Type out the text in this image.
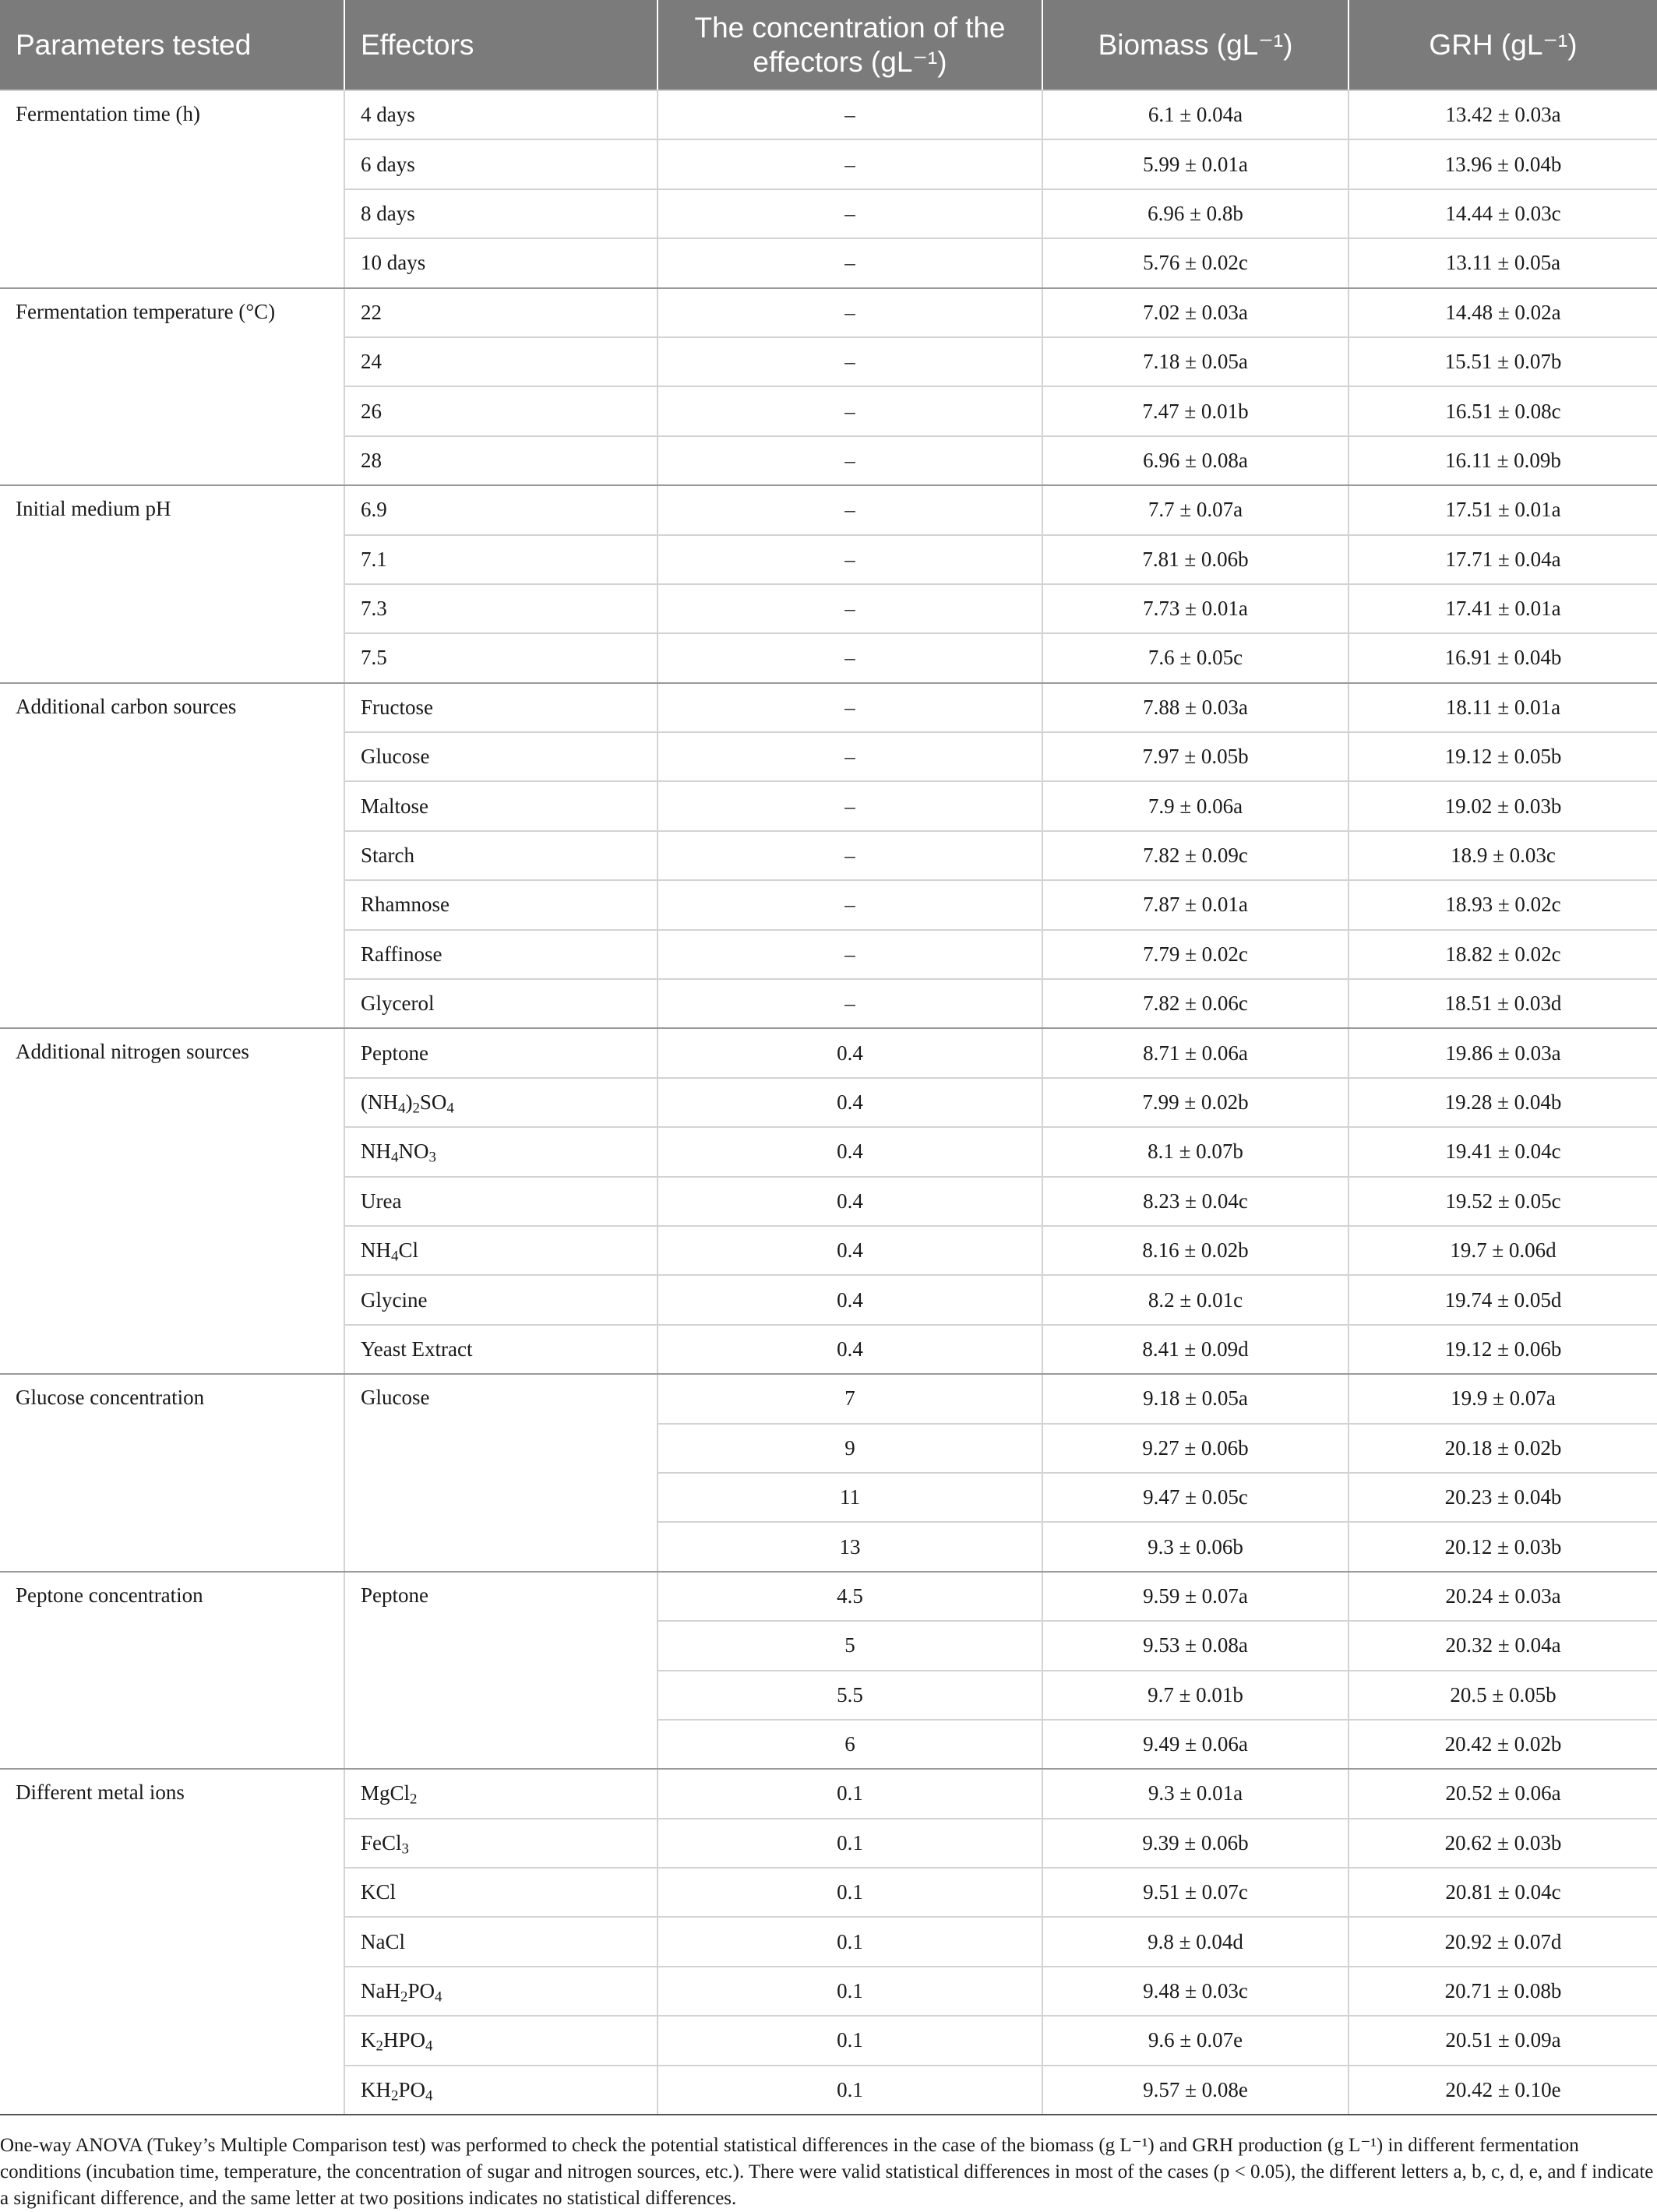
Parameters tested	Effectors	The concentration of the effectors (gL⁻¹)	Biomass (gL⁻¹)	GRH (gL⁻¹)
Fermentation time (h)	4 days	–	6.1 ± 0.04a	13.42 ± 0.03a
	6 days	–	5.99 ± 0.01a	13.96 ± 0.04b
	8 days	–	6.96 ± 0.8b	14.44 ± 0.03c
	10 days	–	5.76 ± 0.02c	13.11 ± 0.05a
Fermentation temperature (°C)	22	–	7.02 ± 0.03a	14.48 ± 0.02a
	24	–	7.18 ± 0.05a	15.51 ± 0.07b
	26	–	7.47 ± 0.01b	16.51 ± 0.08c
	28	–	6.96 ± 0.08a	16.11 ± 0.09b
Initial medium pH	6.9	–	7.7 ± 0.07a	17.51 ± 0.01a
	7.1	–	7.81 ± 0.06b	17.71 ± 0.04a
	7.3	–	7.73 ± 0.01a	17.41 ± 0.01a
	7.5	–	7.6 ± 0.05c	16.91 ± 0.04b
Additional carbon sources	Fructose	–	7.88 ± 0.03a	18.11 ± 0.01a
	Glucose	–	7.97 ± 0.05b	19.12 ± 0.05b
	Maltose	–	7.9 ± 0.06a	19.02 ± 0.03b
	Starch	–	7.82 ± 0.09c	18.9 ± 0.03c
	Rhamnose	–	7.87 ± 0.01a	18.93 ± 0.02c
	Raffinose	–	7.79 ± 0.02c	18.82 ± 0.02c
	Glycerol	–	7.82 ± 0.06c	18.51 ± 0.03d
Additional nitrogen sources	Peptone	0.4	8.71 ± 0.06a	19.86 ± 0.03a
	$(NH_4)_2SO_4$	0.4	7.99 ± 0.02b	19.28 ± 0.04b
	$NH_4NO_3$	0.4	8.1 ± 0.07b	19.41 ± 0.04c
	Urea	0.4	8.23 ± 0.04c	19.52 ± 0.05c
	$NH_4Cl$	0.4	8.16 ± 0.02b	19.7 ± 0.06d
	Glycine	0.4	8.2 ± 0.01c	19.74 ± 0.05d
	Yeast Extract	0.4	8.41 ± 0.09d	19.12 ± 0.06b
Glucose concentration	Glucose	7	9.18 ± 0.05a	19.9 ± 0.07a
		9	9.27 ± 0.06b	20.18 ± 0.02b
		11	9.47 ± 0.05c	20.23 ± 0.04b
		13	9.3 ± 0.06b	20.12 ± 0.03b
Peptone concentration	Peptone	4.5	9.59 ± 0.07a	20.24 ± 0.03a
		5	9.53 ± 0.08a	20.32 ± 0.04a
		5.5	9.7 ± 0.01b	20.5 ± 0.05b
		6	9.49 ± 0.06a	20.42 ± 0.02b
Different metal ions	MgCl$_2$	0.1	9.3 ± 0.01a	20.52 ± 0.06a
	FeCl$_3$	0.1	9.39 ± 0.06b	20.62 ± 0.03b
	KCl	0.1	9.51 ± 0.07c	20.81 ± 0.04c
	NaCl	0.1	9.8 ± 0.04d	20.92 ± 0.07d
	$NaH_2PO_4$	0.1	9.48 ± 0.03c	20.71 ± 0.08b
	$K_2HPO_4$	0.1	9.6 ± 0.07e	20.51 ± 0.09a
	$KH_2PO_4$	0.1	9.57 ± 0.08e	20.42 ± 0.10e

One-way ANOVA (Tukey’s Multiple Comparison test) was performed to check the potential statistical differences in the case of the biomass (g L⁻¹) and GRH production (g L⁻¹) in different fermentation conditions (incubation time, temperature, the concentration of sugar and nitrogen sources, etc.). There were valid statistical differences in most of the cases (p < 0.05), the different letters a, b, c, d, e, and f indicate a significant difference, and the same letter at two positions indicates no statistical differences.
